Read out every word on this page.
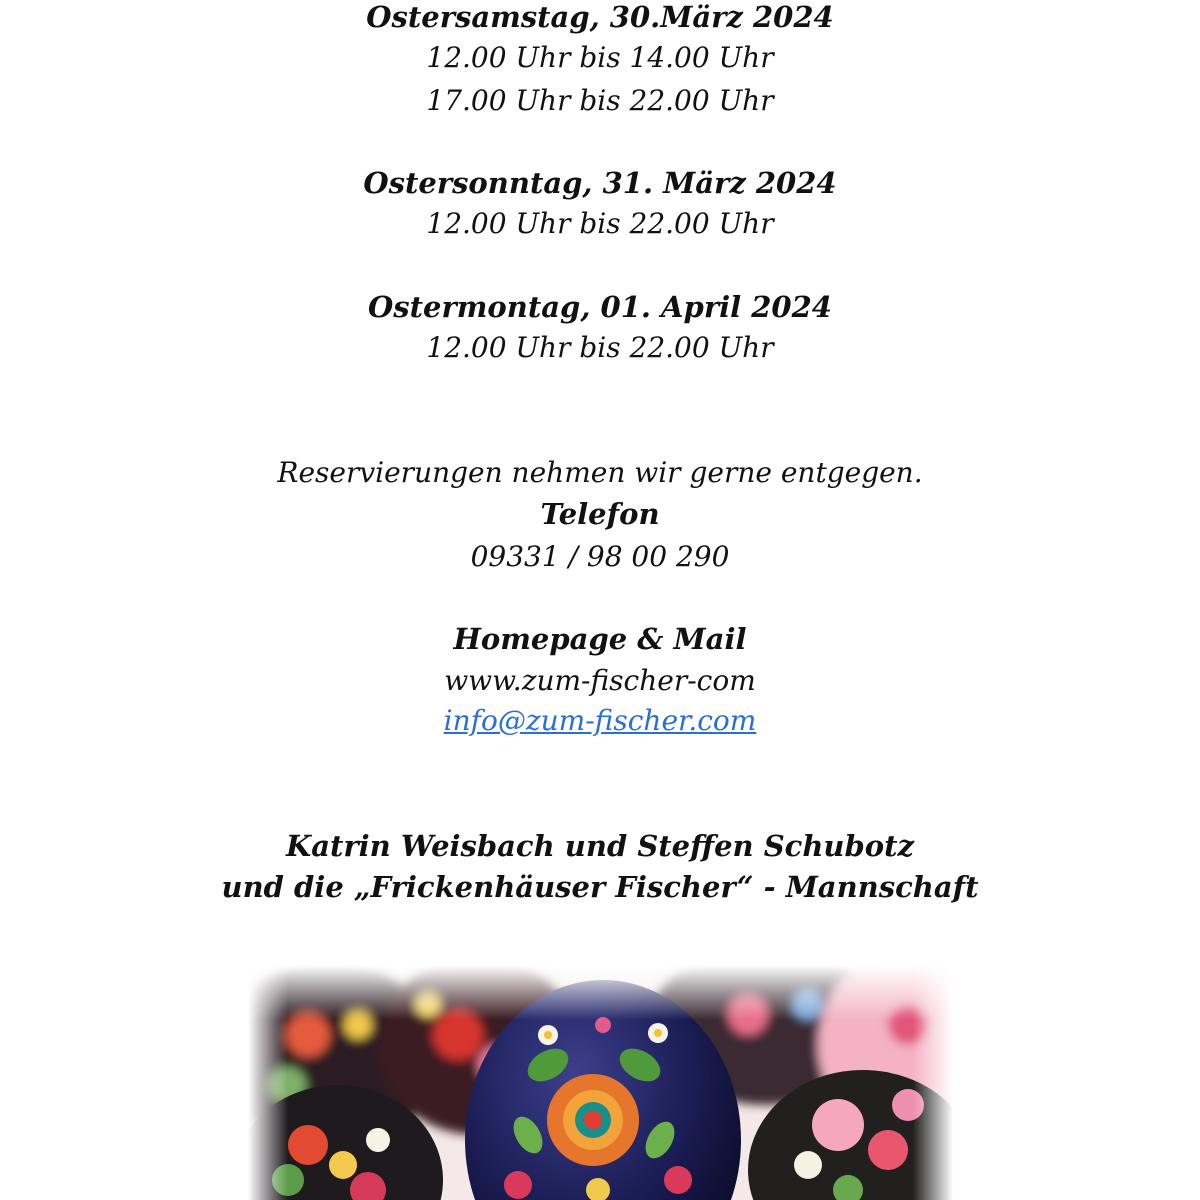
Ostersamstag, 30.März 2024
12.00 Uhr bis 14.00 Uhr
17.00 Uhr bis 22.00 Uhr
Ostersonntag, 31. März 2024
12.00 Uhr bis 22.00 Uhr
Ostermontag, 01. April 2024
12.00 Uhr bis 22.00 Uhr
Reservierungen nehmen wir gerne entgegen.
Telefon
09331 / 98 00 290
Homepage & Mail
www.zum-fischer-com
info@zum-fischer.com
Katrin Weisbach und Steffen Schubotz
und die „Frickenhäuser Fischer“ - Mannschaft
